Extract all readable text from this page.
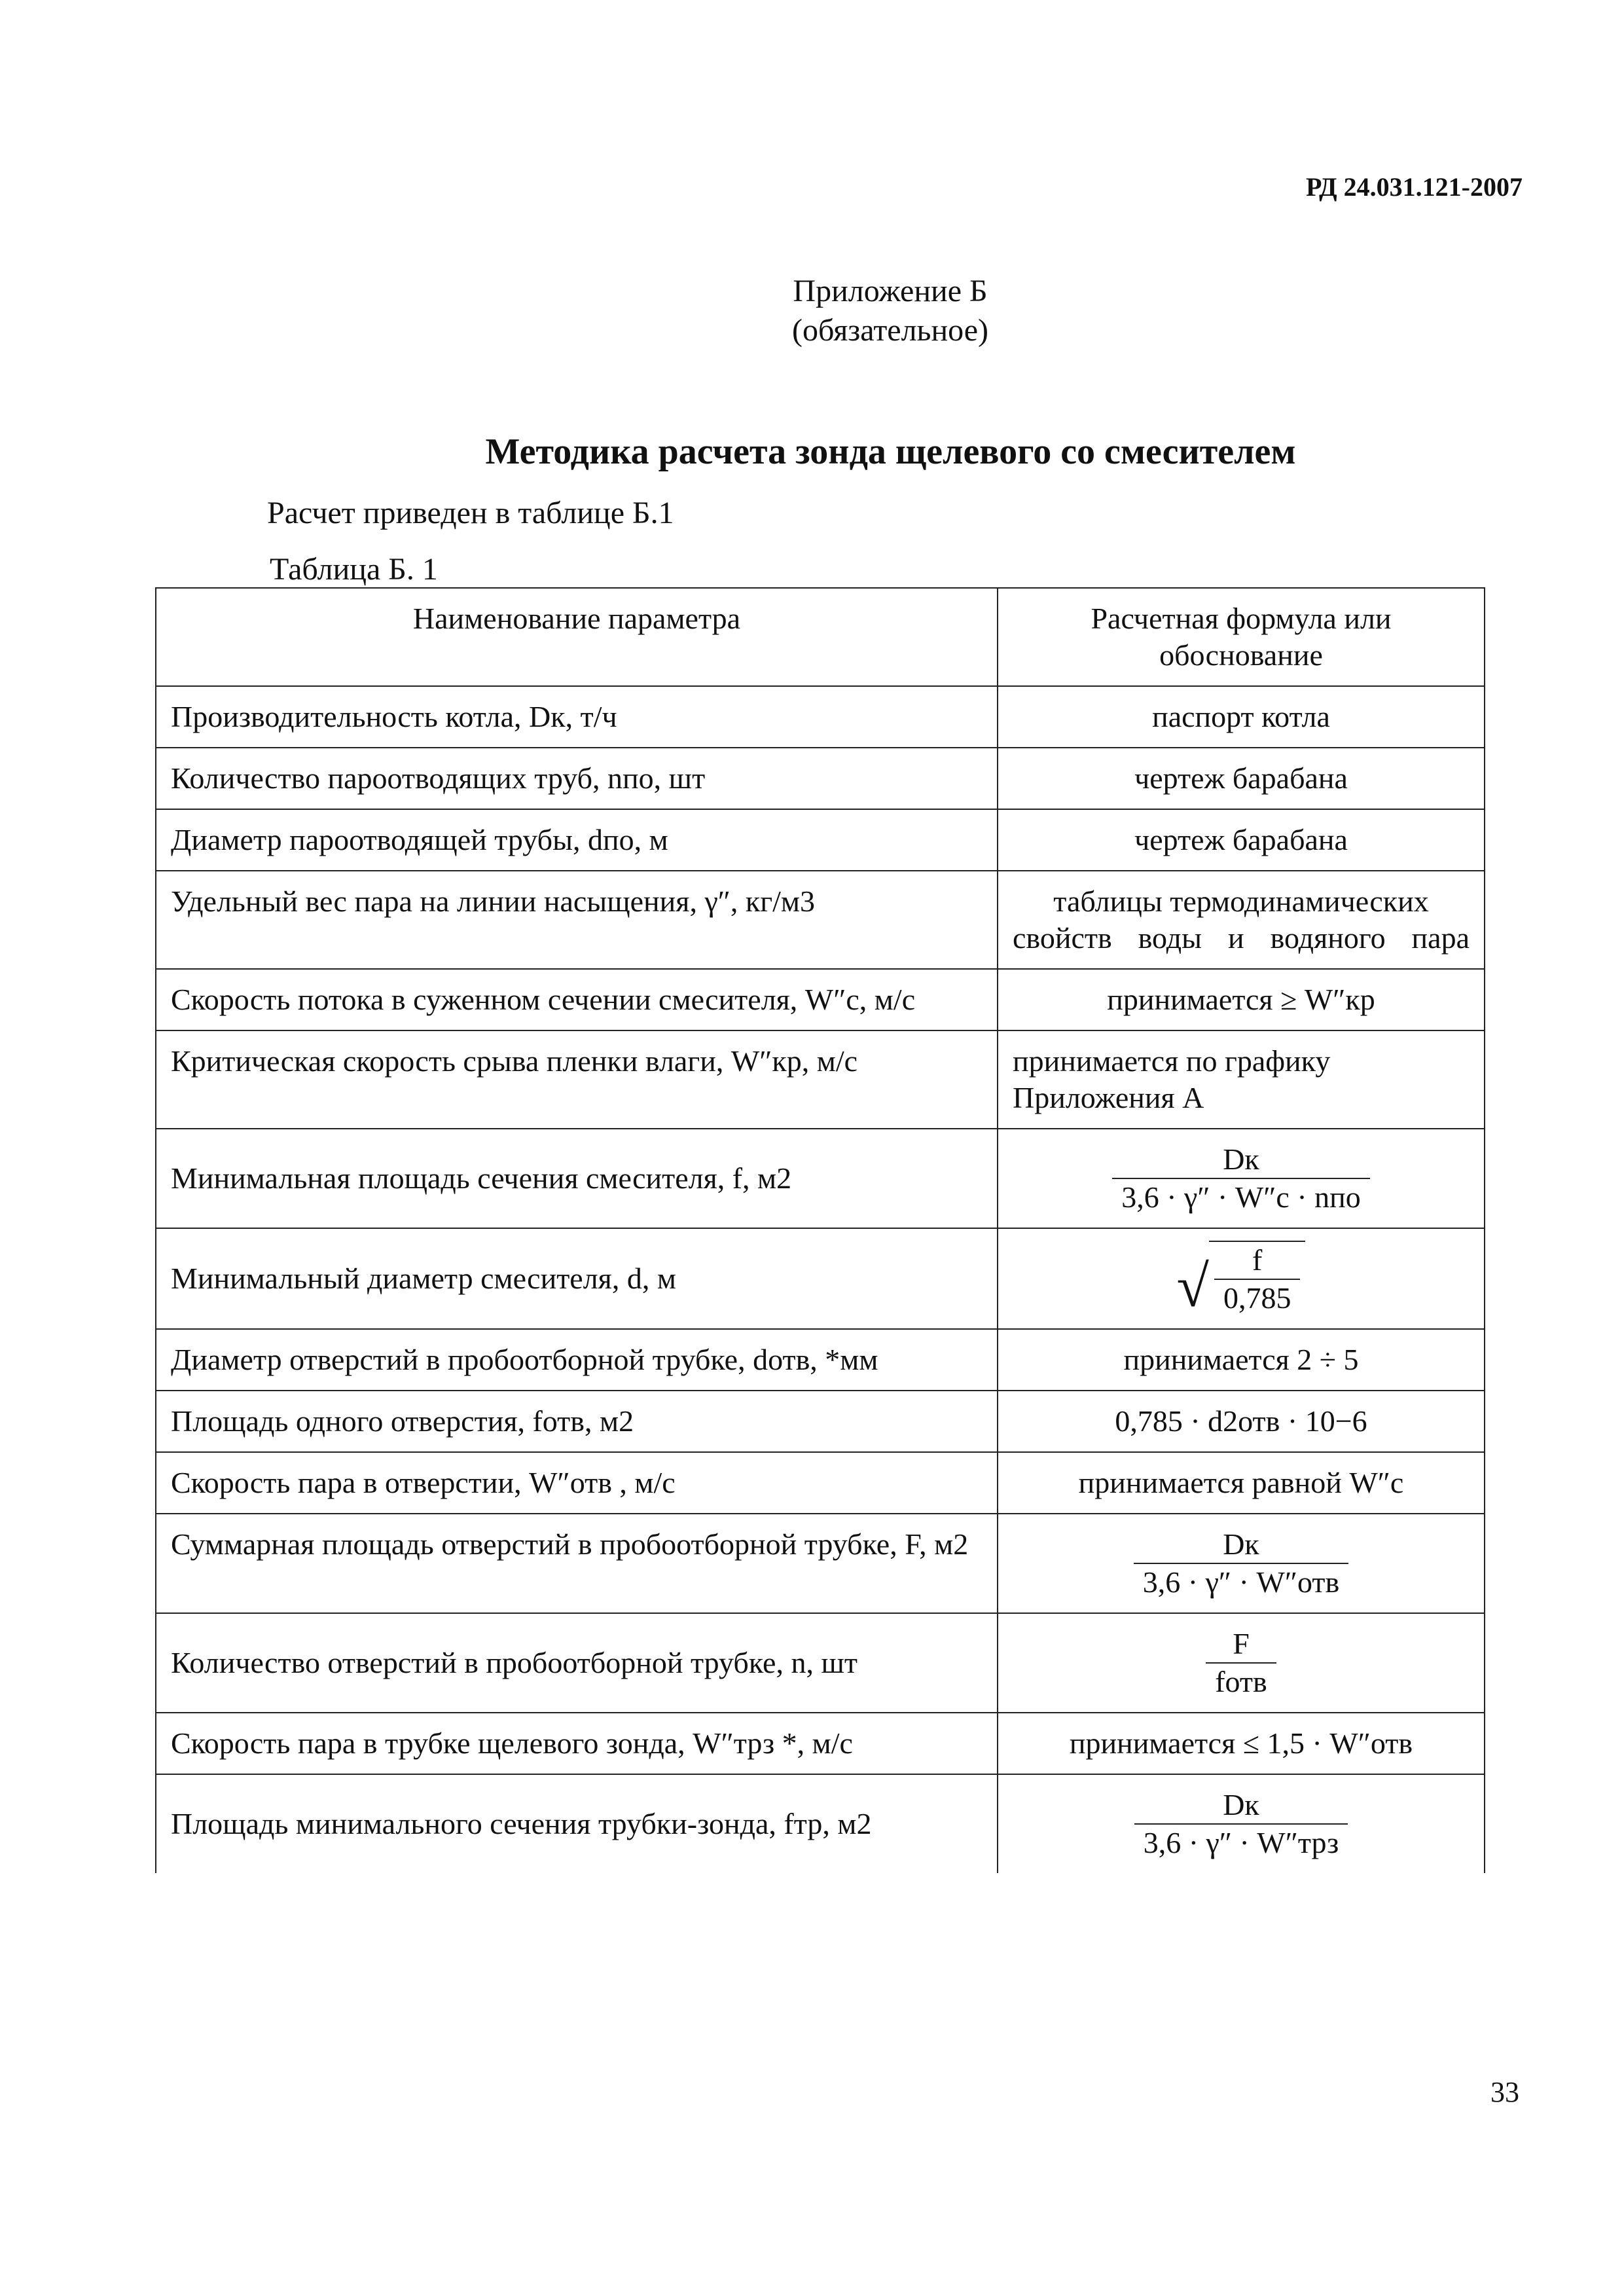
РД 24.031.121-2007
Приложение Б
(обязательное)
Методика расчета зонда щелевого со смесителем
Расчет приведен в таблице Б.1
Таблица Б. 1
Наименование параметра	Расчетная формула или обоснование
Производительность котла, Dк, т/ч	паспорт котла
Количество пароотводящих труб, nпо, шт	чертеж барабана
Диаметр пароотводящей трубы, dпо, м	чертеж барабана
Удельный вес пара на линии насыщения, γ″, кг/м3	таблицы термодинамических свойств воды и водяного пара
Скорость потока в суженном сечении смесителя, W″c, м/с	принимается ≥ W″кр
Критическая скорость срыва пленки влаги, W″кр, м/с	принимается по графику Приложения А
Минимальная площадь сечения смесителя, f, м2	$\frac{Dк}{\text{3,6 · γ″ · W″c · nпо}}$

Минимальный диаметр смесителя, d, м	√ $\frac{f}{0,785}$

Диаметр отверстий в пробоотборной трубке, dотв, *мм	принимается 2 ÷ 5
Площадь одного отверстия, fотв, м2	0,785 · d2отв · 10−6
Скорость пара в отверстии, W″отв , м/с	принимается равной W″c
Суммарная площадь отверстий в пробоотборной трубке, F, м2	$\frac{Dк}{\text{3,6 · γ″ · W″отв}}$

Количество отверстий в пробоотборной трубке, n, шт	$\frac{F}{\text{fотв}}$

Скорость пара в трубке щелевого зонда, W″трз *, м/с	принимается ≤ 1,5 · W″отв
Площадь минимального сечения трубки-зонда, fтр, м2	$\frac{Dк}{\text{3,6 · γ″ · W″трз}}$
33
